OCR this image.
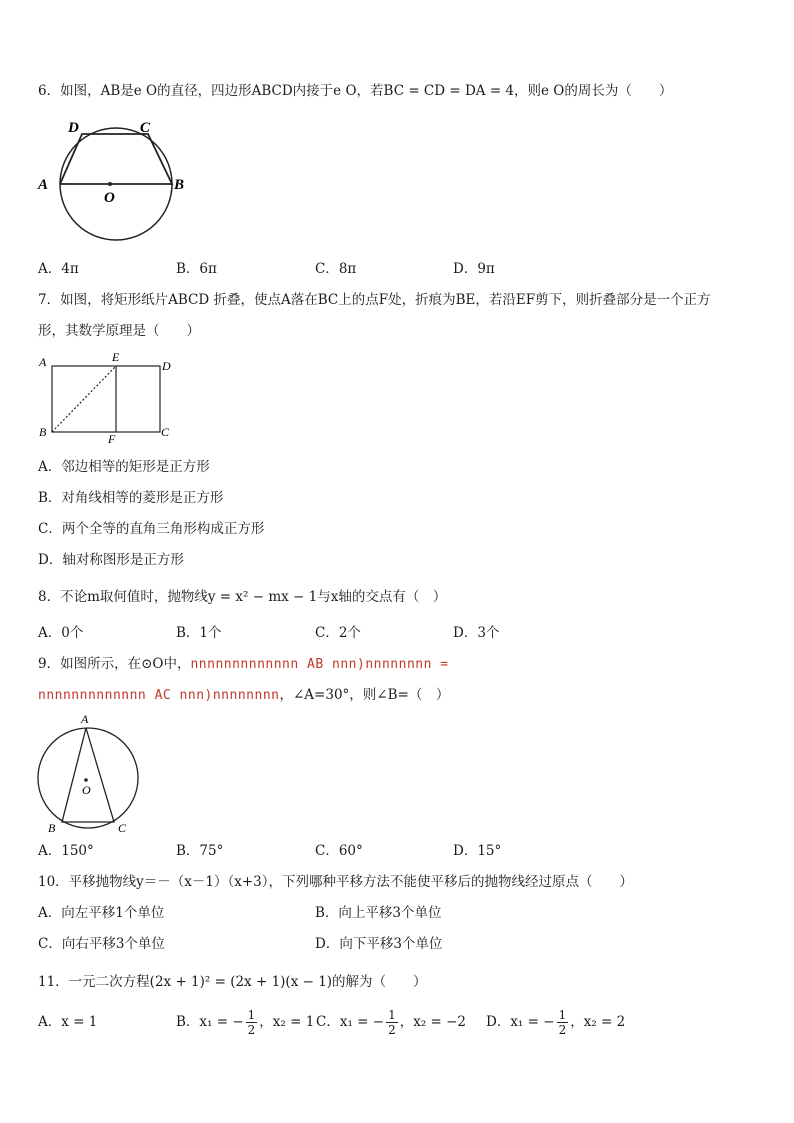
6．如图，AB是e O的直径，四边形ABCD内接于e O，若BC = CD = DA = 4，则e O的周长为（　　）
A	B
C
D
O
A．4π	B．6π	C．8π	D．9π
7．如图，将矩形纸片ABCD 折叠，使点A落在BC上的点F处，折痕为BE，若沿EF剪下，则折叠部分是一个正方
形，其数学原理是（　　）
A
B	C
D
E
F
A．邻边相等的矩形是正方形
B．对角线相等的菱形是正方形
C．两个全等的直角三角形构成正方形
D．轴对称图形是正方形
8．不论m取何值时，抛物线y = x² − mx − 1与x轴的交点有（　）
A．0个	B．1个	C．2个	D．3个
9．如图所示，在⊙O中，nnnnnnnnnnnnn AB nnn)nnnnnnnn =
nnnnnnnnnnnnn AC nnn)nnnnnnnn，∠A=30°，则∠B=（　）
A
B	C
O
A．150°	B．75°	C．60°	D．15°
10．平移抛物线y＝－（x－1）（x+3），下列哪种平移方法不能使平移后的抛物线经过原点（　　）
A．向左平移1个单位	B．向上平移3个单位
C．向右平移3个单位	D．向下平移3个单位
11．一元二次方程(2x + 1)² = (2x + 1)(x − 1)的解为（　　）
A．x = 1	B．x₁ = − $\frac{1}{2}$ ，x₂ = 1 C．x₁ = − $\frac{1}{2}$ ，x₂ = −2 D．x₁ = − $\frac{1}{2}$ ，x₂ = 2
